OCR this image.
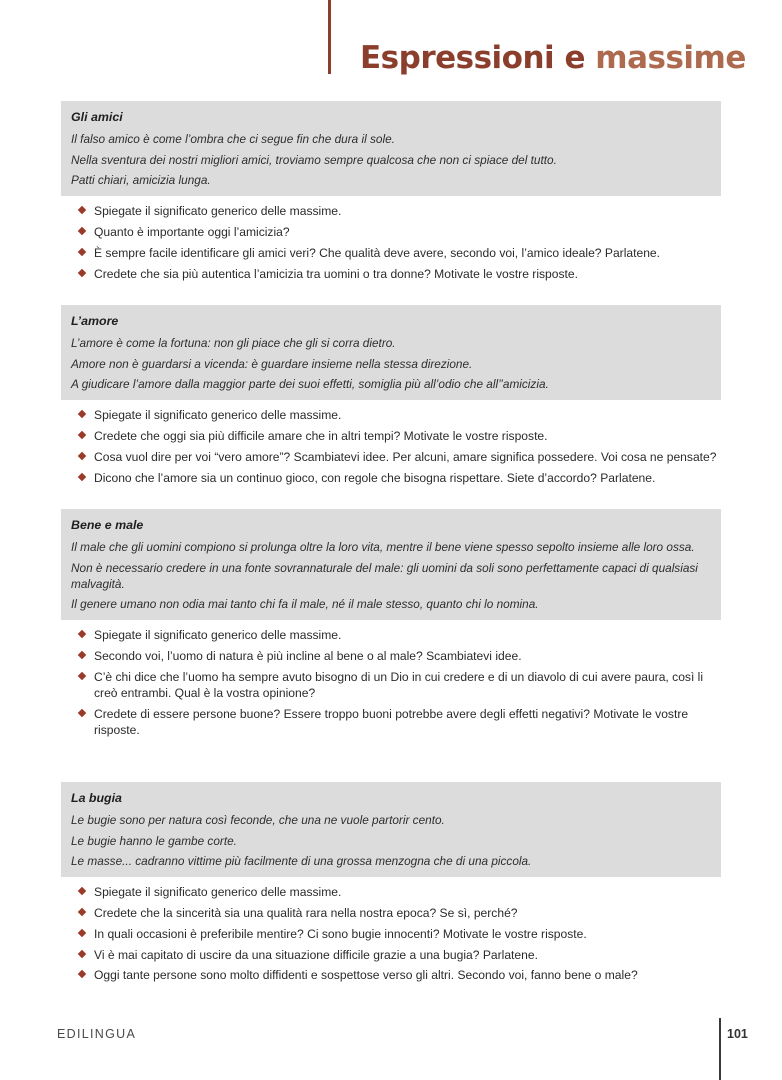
Espressioni e massime

Gli amici

Il falso amico è come l’ombra che ci segue fin che dura il sole.

Nella sventura dei nostri migliori amici, troviamo sempre qualcosa che non ci spiace del tutto.

Patti chiari, amicizia lunga.

Spiegate il significato generico delle massime.
Quanto è importante oggi l’amicizia?
È sempre facile identificare gli amici veri? Che qualità deve avere, secondo voi, l’amico ideale? Parlatene.
Credete che sia più autentica l’amicizia tra uomini o tra donne? Motivate le vostre risposte.

L’amore

L’amore è come la fortuna: non gli piace che gli si corra dietro.

Amore non è guardarsi a vicenda: è guardare insieme nella stessa direzione.

A giudicare l’amore dalla maggior parte dei suoi effetti, somiglia più all’odio che all’’amicizia.

Spiegate il significato generico delle massime.
Credete che oggi sia più difficile amare che in altri tempi? Motivate le vostre risposte.
Cosa vuol dire per voi “vero amore”? Scambiatevi idee. Per alcuni, amare significa possedere. Voi cosa ne pensate?
Dicono che l’amore sia un continuo gioco, con regole che bisogna rispettare. Siete d’accordo? Parlatene.

Bene e male

Il male che gli uomini compiono si prolunga oltre la loro vita, mentre il bene viene spesso sepolto insieme alle loro ossa.

Non è necessario credere in una fonte sovrannaturale del male: gli uomini da soli sono perfettamente capaci di qualsiasi malvagità.

Il genere umano non odia mai tanto chi fa il male, né il male stesso, quanto chi lo nomina.

Spiegate il significato generico delle massime.
Secondo voi, l’uomo di natura è più incline al bene o al male? Scambiatevi idee.
C’è chi dice che l’uomo ha sempre avuto bisogno di un Dio in cui credere e di un diavolo di cui avere paura, così li creò entrambi. Qual è la vostra opinione?
Credete di essere persone buone? Essere troppo buoni potrebbe avere degli effetti negativi? Motivate le vostre risposte.

La bugia

Le bugie sono per natura così feconde, che una ne vuole partorir cento.

Le bugie hanno le gambe corte.

Le masse... cadranno vittime più facilmente di una grossa menzogna che di una piccola.

Spiegate il significato generico delle massime.
Credete che la sincerità sia una qualità rara nella nostra epoca? Se sì, perché?
In quali occasioni è preferibile mentire? Ci sono bugie innocenti? Motivate le vostre risposte.
Vi è mai capitato di uscire da una situazione difficile grazie a una bugia? Parlatene.
Oggi tante persone sono molto diffidenti e sospettose verso gli altri. Secondo voi, fanno bene o male?

EDILINGUA	101
